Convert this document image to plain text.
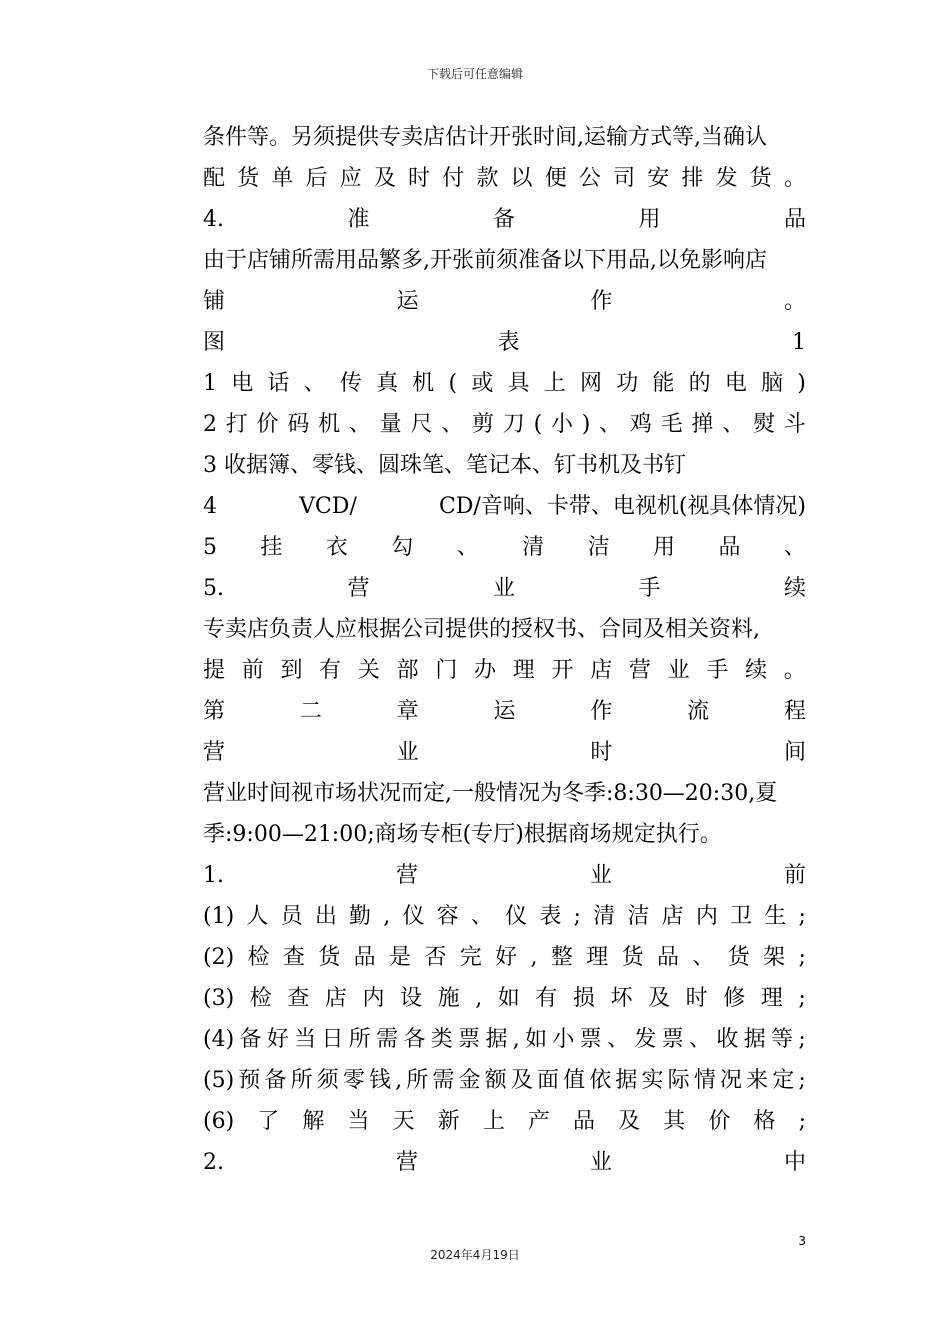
下载后可任意编辑
条件等。另须提供专卖店估计开张时间,运输方式等,当确认
配 货 单 后 应 及 时 付 款 以 便 公 司 安 排 发 货 。
4.	准	备	用	品
由于店铺所需用品繁多,开张前须准备以下用品,以免影响店
铺	运	作	。
图	表	1
1 电 话 、 传 真 机 ( 或 具 上 网 功 能 的 电 脑 )
2 打 价 码 机 、 量 尺 、 剪 刀 ( 小 ) 、 鸡 毛 掸 、 熨 斗
3 收据簿、零钱、圆珠笔、笔记本、钉书机及书钉
4	VCD/	CD/音响、卡带、电视机(视具体情况)
5 挂 衣 勾 、 清 洁 用 品 、
5.	营	业	手	续
专卖店负责人应根据公司提供的授权书、合同及相关资料,
提 前 到 有 关 部 门 办 理 开 店 营 业 手 续 。
第	二	章	运	作	流	程
营	业	时	间
营业时间视市场状况而定,一般情况为冬季:8:30—20:30,夏
季:9:00—21:00;商场专柜(专厅)根据商场规定执行。
1.	营	业	前
(1) 人 员 出 勤 , 仪 容 、 仪 表 ; 清 洁 店 内 卫 生 ;
(2) 检 查 货 品 是 否 完 好 , 整 理 货 品 、 货 架 ;
(3) 检 查 店 内 设 施 , 如 有 损 坏 及 时 修 理 ;
(4) 备 好 当 日 所 需 各 类 票 据 , 如 小 票 、 发 票 、 收 据 等 ;
(5) 预 备 所 须 零 钱 , 所 需 金 额 及 面 值 依 据 实 际 情 况 来 定 ;
(6) 了 解 当 天 新 上 产 品 及 其 价 格 ;
2.	营	业	中
3
2024年4月19日
